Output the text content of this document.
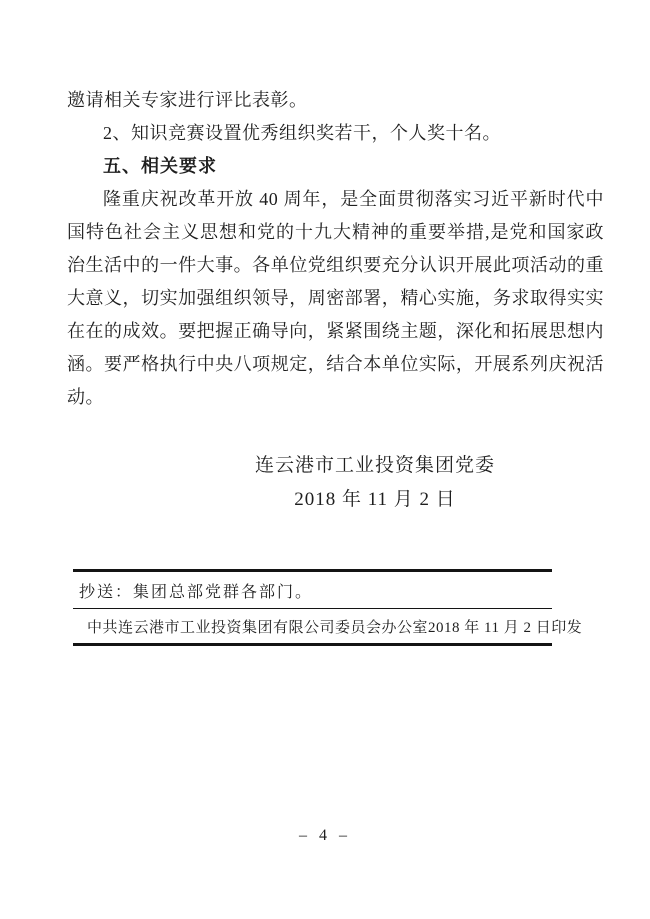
邀请相关专家进行评比表彰。

2、知识竞赛设置优秀组织奖若干，个人奖十名。

五、相关要求

隆重庆祝改革开放 40 周年，是全面贯彻落实习近平新时代中国特色社会主义思想和党的十九大精神的重要举措,是党和国家政治生活中的一件大事。各单位党组织要充分认识开展此项活动的重大意义，切实加强组织领导，周密部署，精心实施，务求取得实实在在的成效。要把握正确导向，紧紧围绕主题，深化和拓展思想内涵。要严格执行中央八项规定，结合本单位实际，开展系列庆祝活动。

连云港市工业投资集团党委
2018 年 11 月 2 日
抄送：集团总部党群各部门。
中共连云港市工业投资集团有限公司委员会办公室 2018 年 11 月 2 日印发
– 4 –
